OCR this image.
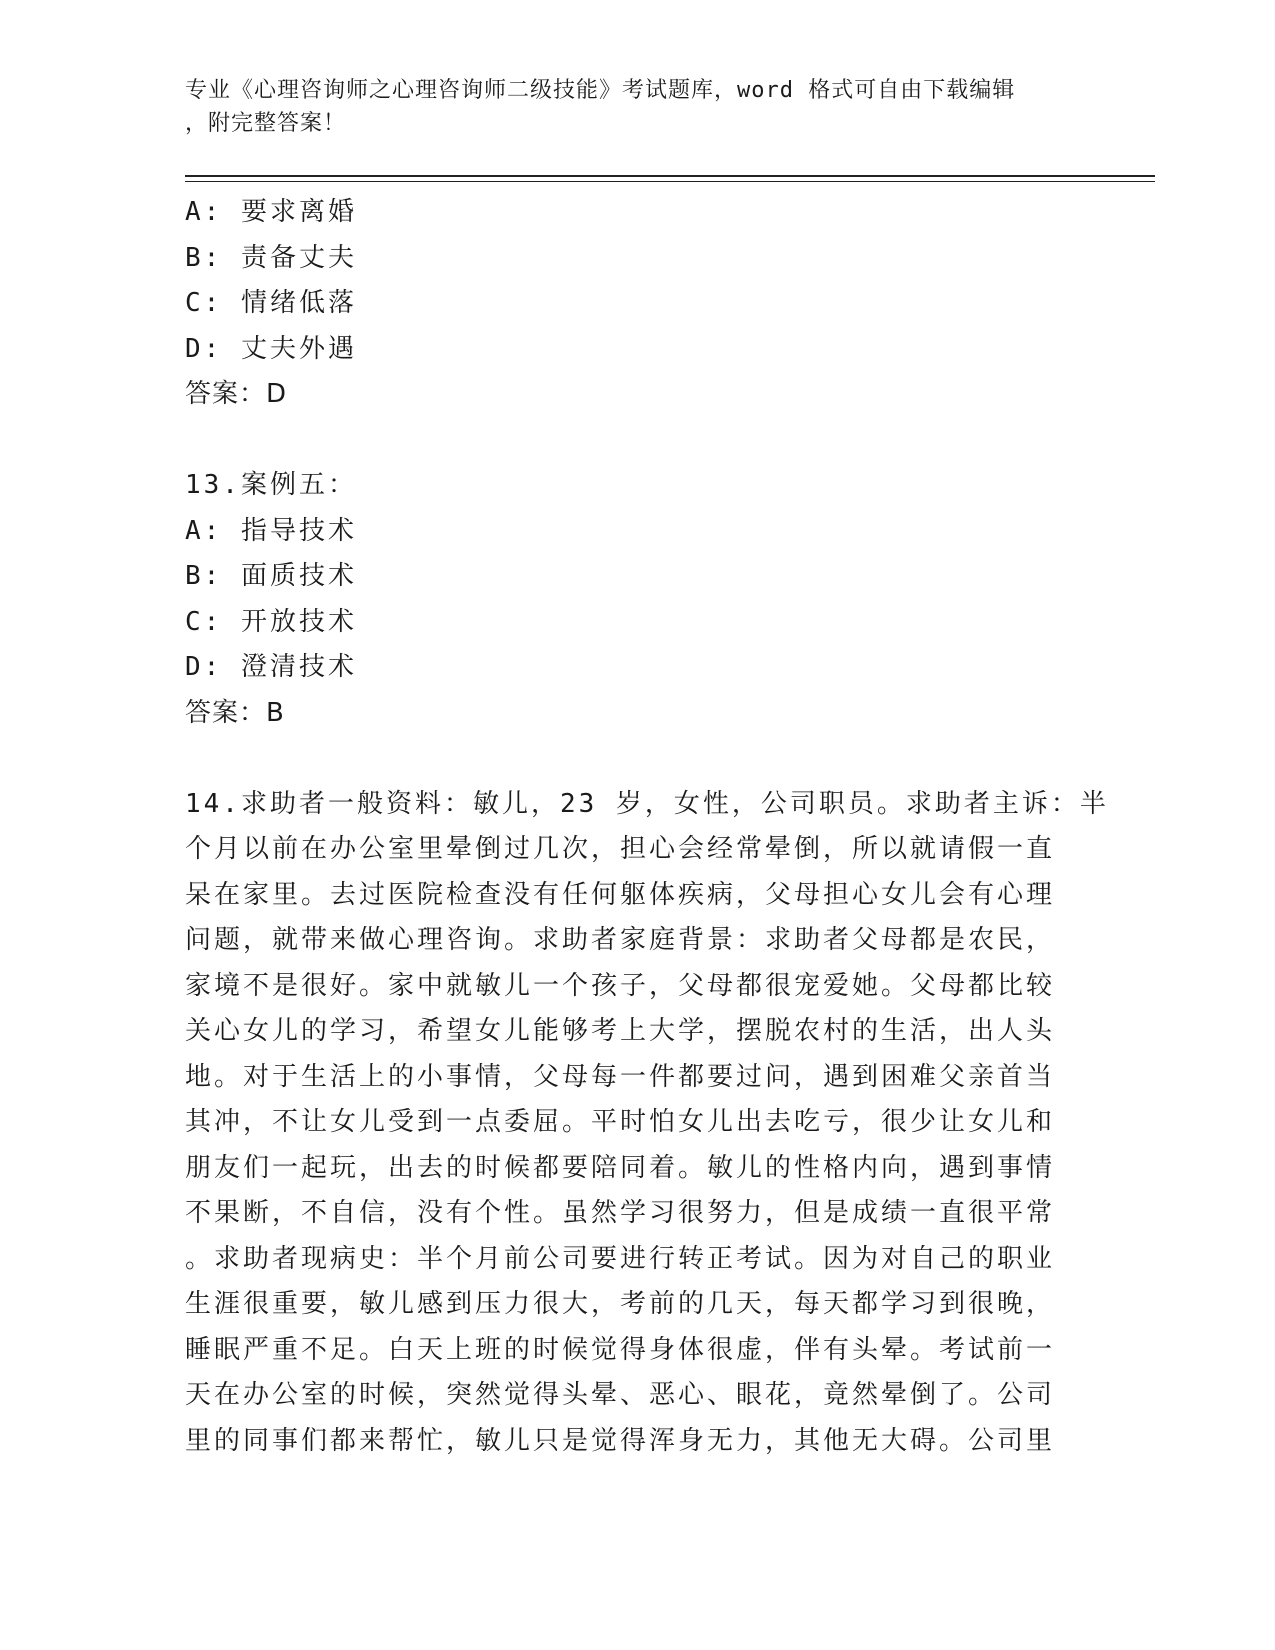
专业《心理咨询师之心理咨询师二级技能》考试题库，word 格式可自由下载编辑
，附完整答案！
A: 要求离婚
B: 责备丈夫
C: 情绪低落
D: 丈夫外遇
答案：D
13.案例五：
A: 指导技术
B: 面质技术
C: 开放技术
D: 澄清技术
答案：B
14.求助者一般资料：敏儿，23 岁，女性，公司职员。求助者主诉：半
个月以前在办公室里晕倒过几次，担心会经常晕倒，所以就请假一直
呆在家里。去过医院检查没有任何躯体疾病，父母担心女儿会有心理
问题，就带来做心理咨询。求助者家庭背景：求助者父母都是农民，
家境不是很好。家中就敏儿一个孩子，父母都很宠爱她。父母都比较
关心女儿的学习，希望女儿能够考上大学，摆脱农村的生活，出人头
地。对于生活上的小事情，父母每一件都要过问，遇到困难父亲首当
其冲，不让女儿受到一点委屈。平时怕女儿出去吃亏，很少让女儿和
朋友们一起玩，出去的时候都要陪同着。敏儿的性格内向，遇到事情
不果断，不自信，没有个性。虽然学习很努力，但是成绩一直很平常
。求助者现病史：半个月前公司要进行转正考试。因为对自己的职业
生涯很重要，敏儿感到压力很大，考前的几天，每天都学习到很晚，
睡眠严重不足。白天上班的时候觉得身体很虚，伴有头晕。考试前一
天在办公室的时候，突然觉得头晕、恶心、眼花，竟然晕倒了。公司
里的同事们都来帮忙，敏儿只是觉得浑身无力，其他无大碍。公司里
